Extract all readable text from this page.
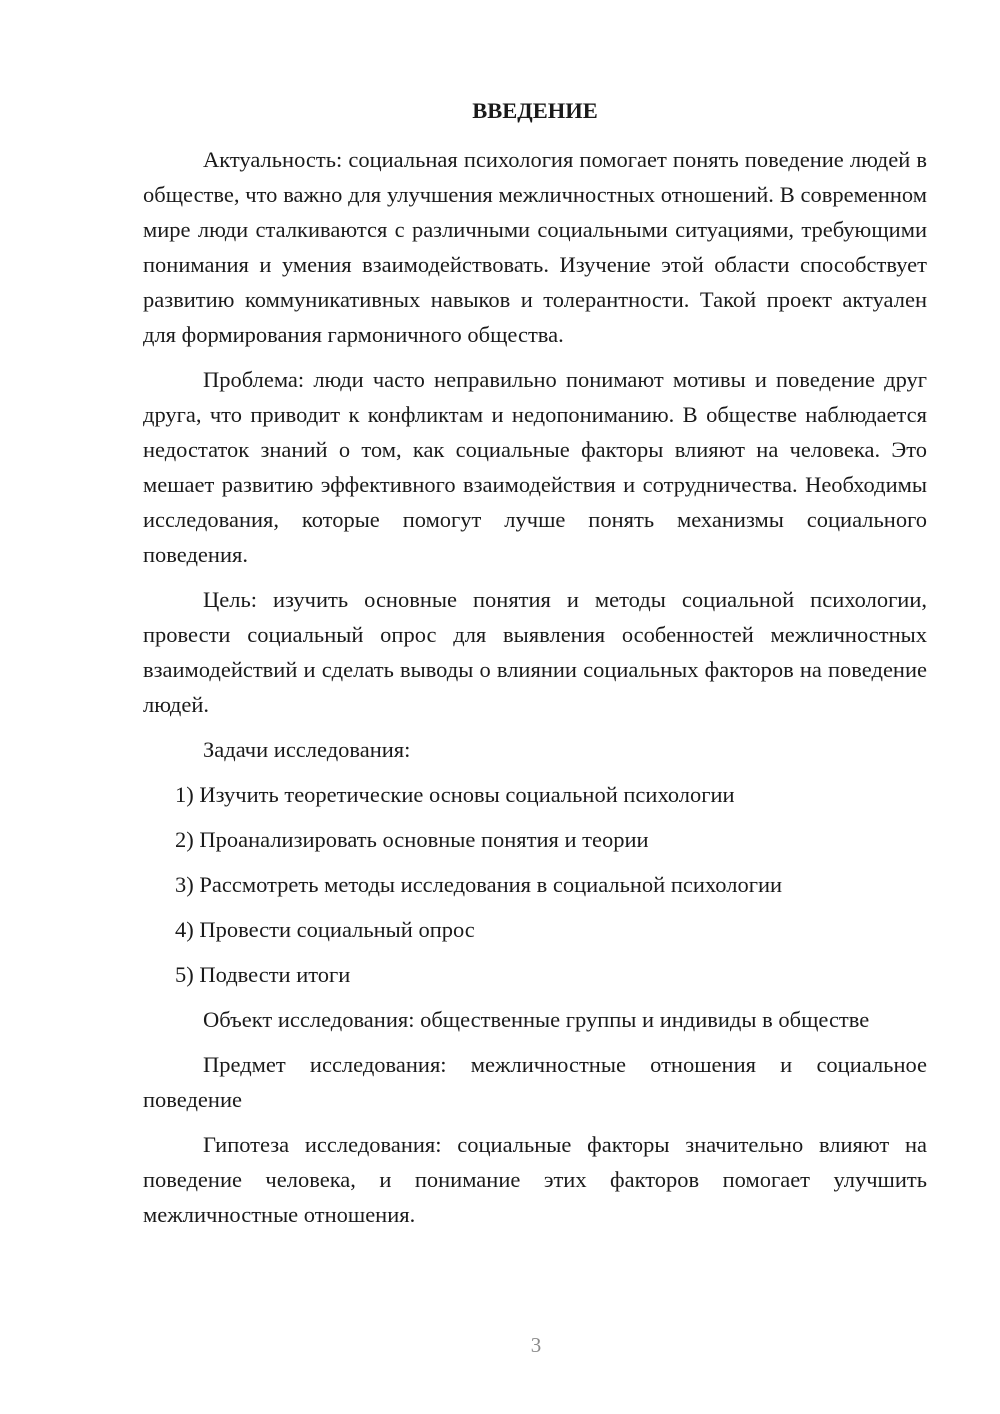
ВВЕДЕНИЕ

Актуальность: социальная психология помогает понять поведение людей в обществе, что важно для улучшения межличностных отношений. В современном мире люди сталкиваются с различными социальными ситуациями, требующими понимания и умения взаимодействовать. Изучение этой области способствует развитию коммуникативных навыков и толерантности. Такой проект актуален для формирования гармоничного общества.

Проблема: люди часто неправильно понимают мотивы и поведение друг друга, что приводит к конфликтам и недопониманию. В обществе наблюдается недостаток знаний о том, как социальные факторы влияют на человека. Это мешает развитию эффективного взаимодействия и сотрудничества. Необходимы исследования, которые помогут лучше понять механизмы социального поведения.

Цель: изучить основные понятия и методы социальной психологии, провести социальный опрос для выявления особенностей межличностных взаимодействий и сделать выводы о влиянии социальных факторов на поведение людей.

Задачи исследования:

1) Изучить теоретические основы социальной психологии
2) Проанализировать основные понятия и теории
3) Рассмотреть методы исследования в социальной психологии
4) Провести социальный опрос
5) Подвести итоги

Объект исследования: общественные группы и индивиды в обществе

Предмет исследования: межличностные отношения и социальное поведение

Гипотеза исследования: социальные факторы значительно влияют на поведение человека, и понимание этих факторов помогает улучшить межличностные отношения.

3
